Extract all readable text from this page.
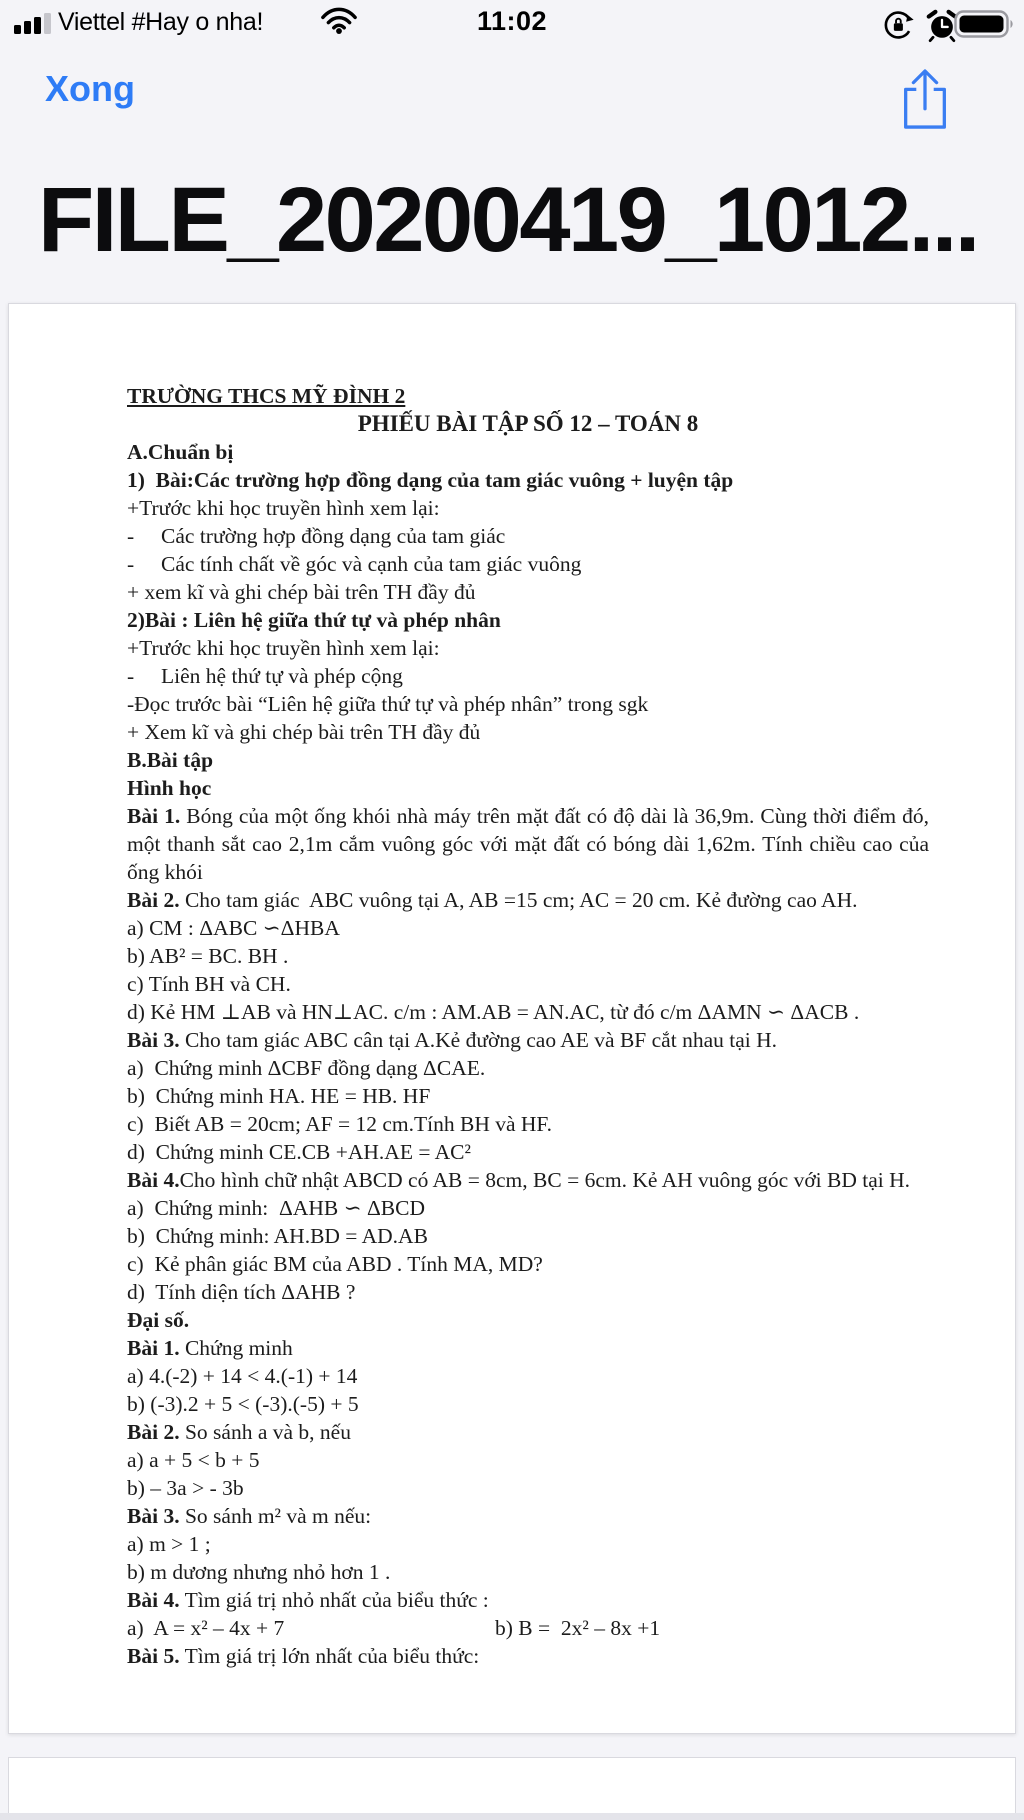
Viettel #Hay o nha!	11:02
Xong
FILE_20200419_1012...
TRƯỜNG THCS MỸ ĐÌNH 2
PHIẾU BÀI TẬP SỐ 12 – TOÁN 8
A.Chuẩn bị
1)  Bài:Các trường hợp đồng dạng của tam giác vuông + luyện tập
+Trước khi học truyền hình xem lại:
-     Các trường hợp đồng dạng của tam giác
-     Các tính chất về góc và cạnh của tam giác vuông
+ xem kĩ và ghi chép bài trên TH đầy đủ
2)Bài : Liên hệ giữa thứ tự và phép nhân
+Trước khi học truyền hình xem lại:
-     Liên hệ thứ tự và phép cộng
-Đọc trước bài “Liên hệ giữa thứ tự và phép nhân” trong sgk
+ Xem kĩ và ghi chép bài trên TH đầy đủ
B.Bài tập
Hình học
Bài 1. Bóng của một ống khói nhà máy trên mặt đất có độ dài là 36,9m. Cùng thời điểm đó, một thanh sắt cao 2,1m cắm vuông góc với mặt đất có bóng dài 1,62m. Tính chiều cao của ống khói
Bài 2. Cho tam giác  ABC vuông tại A, AB =15 cm; AC = 20 cm. Kẻ đường cao AH.
a) CM : ΔABC ∽ΔHBA
b) AB² = BC. BH .
c) Tính BH và CH.
d) Kẻ HM ⊥AB và HN⊥AC. c/m : AM.AB = AN.AC, từ đó c/m ΔAMN ∽ ΔACB .
Bài 3. Cho tam giác ABC cân tại A.Kẻ đường cao AE và BF cắt nhau tại H.
a)  Chứng minh ΔCBF đồng dạng ΔCAE.
b)  Chứng minh HA. HE = HB. HF
c)  Biết AB = 20cm; AF = 12 cm.Tính BH và HF.
d)  Chứng minh CE.CB +AH.AE = AC²
Bài 4.Cho hình chữ nhật ABCD có AB = 8cm, BC = 6cm. Kẻ AH vuông góc với BD tại H.
a)  Chứng minh:  ΔAHB ∽ ΔBCD
b)  Chứng minh: AH.BD = AD.AB
c)  Kẻ phân giác BM của ABD . Tính MA, MD?
d)  Tính diện tích ΔAHB ?
Đại số.
Bài 1. Chứng minh
a) 4.(-2) + 14 < 4.(-1) + 14
b) (-3).2 + 5 < (-3).(-5) + 5
Bài 2. So sánh a và b, nếu
a) a + 5 < b + 5
b) – 3a > - 3b
Bài 3. So sánh m² và m nếu:
a) m > 1 ;
b) m dương nhưng nhỏ hơn 1 .
Bài 4. Tìm giá trị nhỏ nhất của biểu thức :
a)  A = x² – 4x + 7	b) B =  2x² – 8x +1
Bài 5. Tìm giá trị lớn nhất của biểu thức:
